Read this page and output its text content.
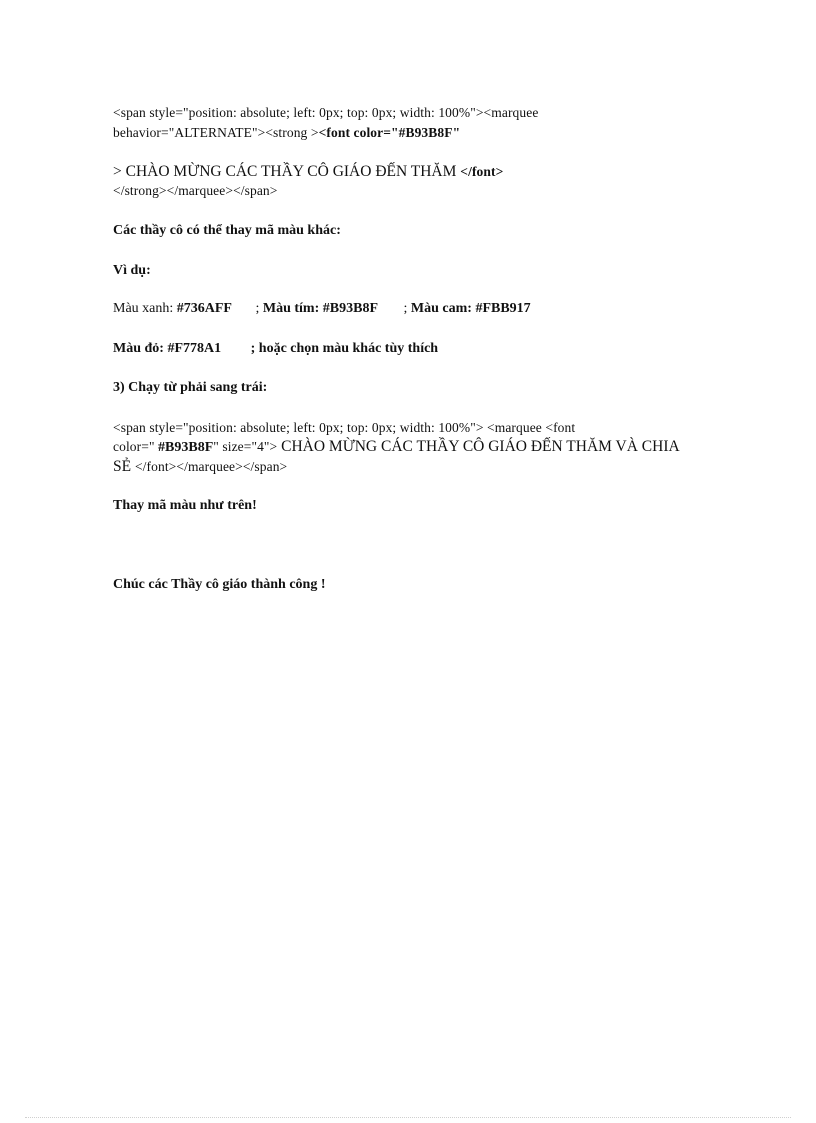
<span style="position: absolute; left: 0px; top: 0px; width: 100%"><marquee
behavior="ALTERNATE"><strong ><font color="#B93B8F"
> CHÀO MỪNG CÁC THẦY CÔ GIÁO ĐẾN THĂM </font>
</strong></marquee></span>
Các thầy cô có thể thay mã màu khác:
Vì dụ:
Màu xanh: #736AFF ; Màu tím: #B93B8F ; Màu cam: #FBB917
Màu đỏ: #F778A1 ; hoặc chọn màu khác tùy thích
3) Chạy từ phải sang trái:
<span style="position: absolute; left: 0px; top: 0px; width: 100%"> <marquee <font
color=" #B93B8F" size="4"> CHÀO MỪNG CÁC THẦY CÔ GIÁO ĐẾN THĂM VÀ CHIA
SẺ </font></marquee></span>
Thay mã màu như trên!
Chúc các Thầy cô giáo thành công !
